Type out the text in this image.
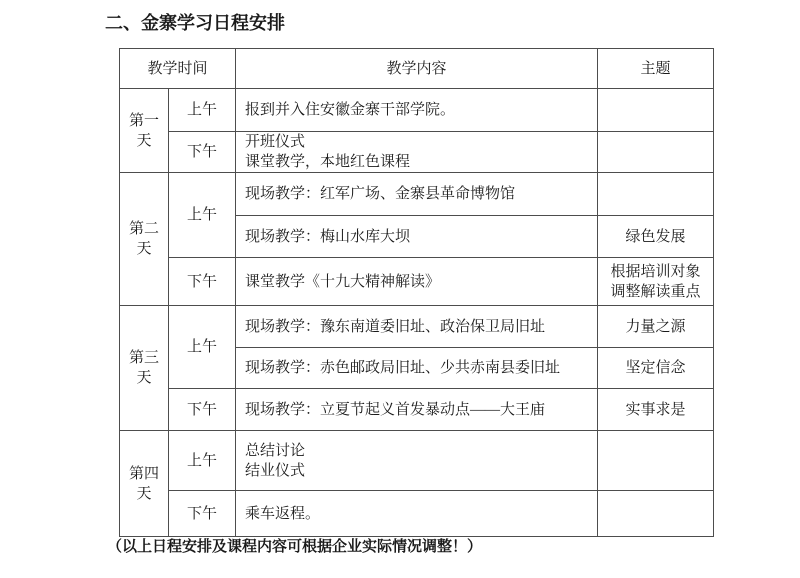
二、金寨学习日程安排
教学时间		教学内容	主题

第一天	上午	报到并入住安徽金寨干部学院。	

	下午	开班仪式
课堂教学，本地红色课程	

第二天	上午	现场教学：红军广场、金寨县革命博物馆	

		现场教学：梅山水库大坝	绿色发展

	下午	课堂教学《十九大精神解读》	根据培训对象
调整解读重点

第三天	上午	现场教学：豫东南道委旧址、政治保卫局旧址	力量之源

		现场教学：赤色邮政局旧址、少共赤南县委旧址	坚定信念

	下午	现场教学：立夏节起义首发暴动点——大王庙	实事求是

第四天	上午	总结讨论
结业仪式	

	下午	乘车返程。	

（以上日程安排及课程内容可根据企业实际情况调整！）
